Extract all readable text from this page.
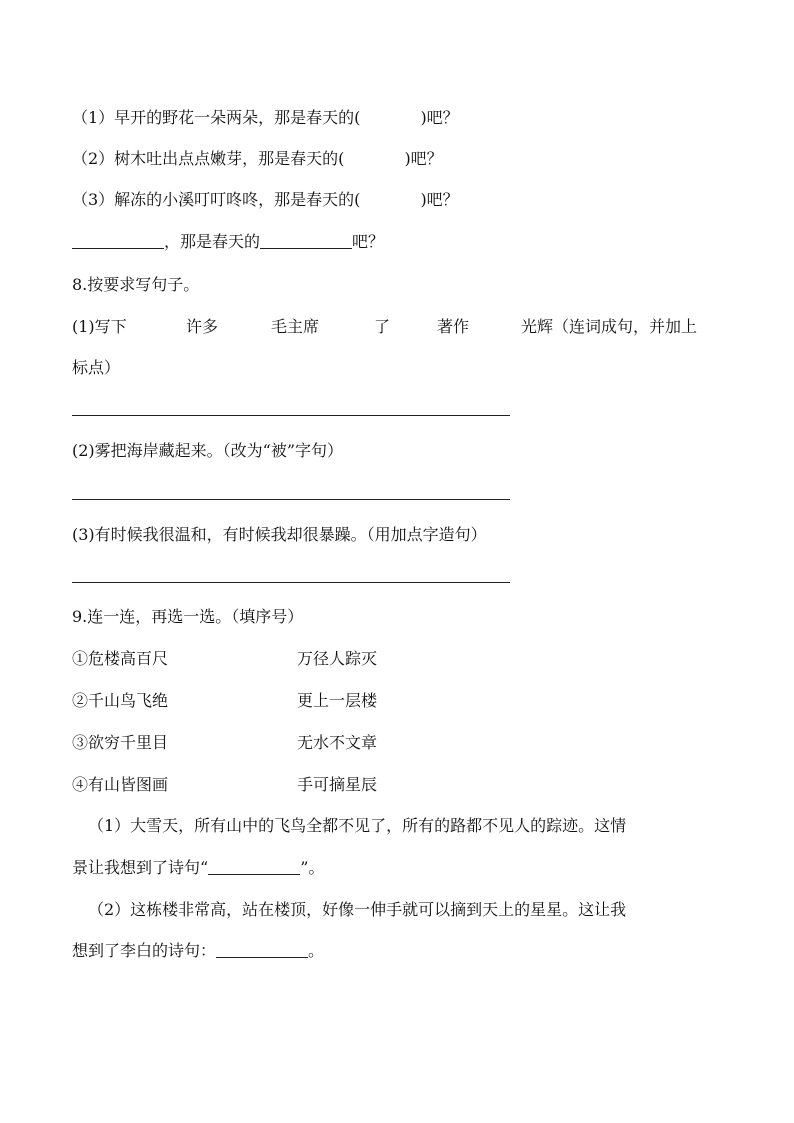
（1）早开的野花一朵两朵，那是春天的(	)吧？
（2）树木吐出点点嫩芽，那是春天的(	)吧？
（3）解冻的小溪叮叮咚咚，那是春天的(	)吧？
，那是春天的	吧？
8.按要求写句子。
(1)写下	许多	毛主席	了	著作	光辉（连词成句，并加上
标点）
(2)雾把海岸藏起来。（改为“被”字句）
(3)有时候我很温和，有时候我却很暴躁。（用加点字造句）
9.连一连，再选一选。（填序号）
①危楼高百尺	万径人踪灭
②千山鸟飞绝	更上一层楼
③欲穷千里目	无水不文章
④有山皆图画	手可摘星辰
（1）大雪天，所有山中的飞鸟全都不见了，所有的路都不见人的踪迹。这情
景让我想到了诗句“	”。
（2）这栋楼非常高，站在楼顶，好像一伸手就可以摘到天上的星星。这让我
想到了李白的诗句：	。
